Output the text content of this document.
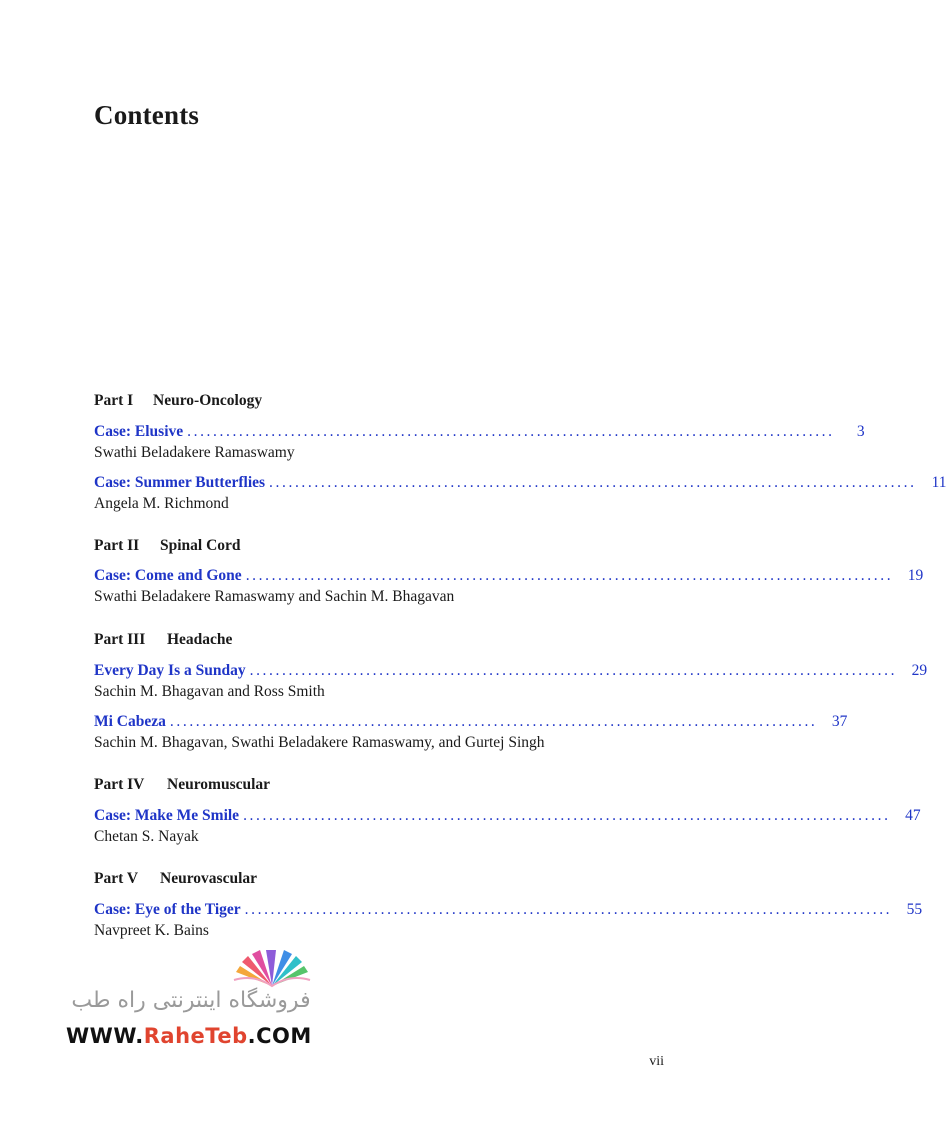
Contents
Part I Neuro-Oncology
Case: Elusive ....................................................................................................	3
Swathi Beladakere Ramaswamy
Case: Summer Butterflies .................................................................................................... 11
Angela M. Richmond
Part II Spinal Cord
Case: Come and Gone .................................................................................................... 19
Swathi Beladakere Ramaswamy and Sachin M. Bhagavan
Part III Headache
Every Day Is a Sunday .................................................................................................... 29
Sachin M. Bhagavan and Ross Smith
Mi Cabeza .................................................................................................... 37
Sachin M. Bhagavan, Swathi Beladakere Ramaswamy, and Gurtej Singh
Part IV Neuromuscular
Case: Make Me Smile .................................................................................................... 47
Chetan S. Nayak
Part V Neurovascular
Case: Eye of the Tiger .................................................................................................... 55
Navpreet K. Bains
فروشگاه اینترنتی راه طب
WWW.RaheTeb.COM
vii
